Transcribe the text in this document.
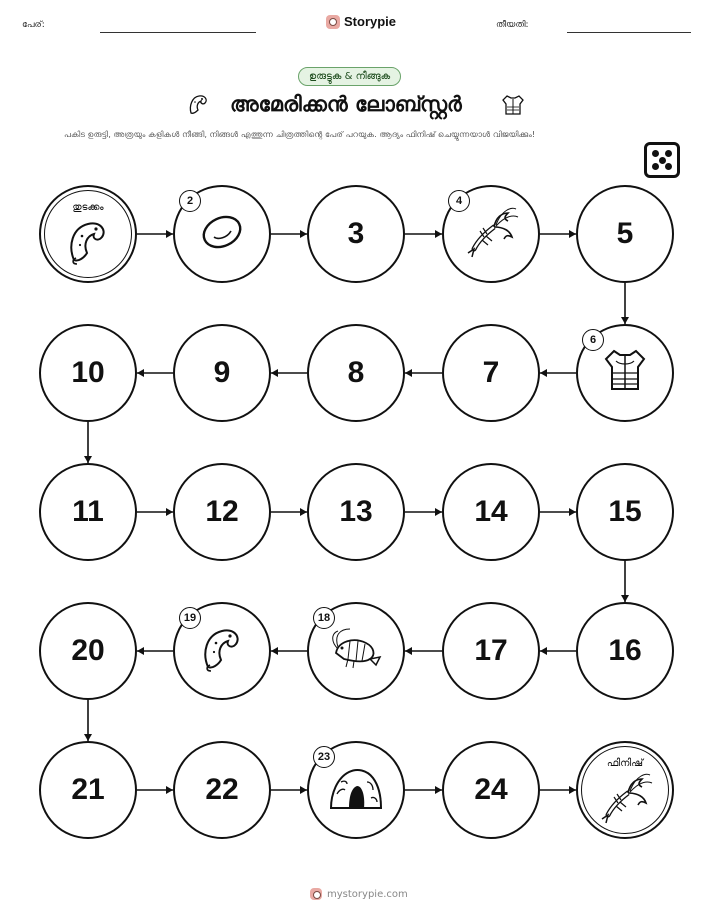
പേര്:	Storypie	തീയതി:
ഉരുട്ടുക & നീങ്ങുക
അമേരിക്കൻ ലോബ്സ്റ്റർ
പകിട ഉരുട്ടി, അത്രയും കളികൾ നീങ്ങി, നിങ്ങൾ എത്തുന്ന ചിത്രത്തിന്റെ പേര് പറയുക. ആദ്യം ഫിനിഷ് ചെയ്യുന്നയാൾ വിജയിക്കും!
തുടക്കം
2
3
4
5
6
7
8
9
10
11	12	13	14	15
16
17
18
19
20
21	22
23
24
ഫിനിഷ്
mystorypie.com
